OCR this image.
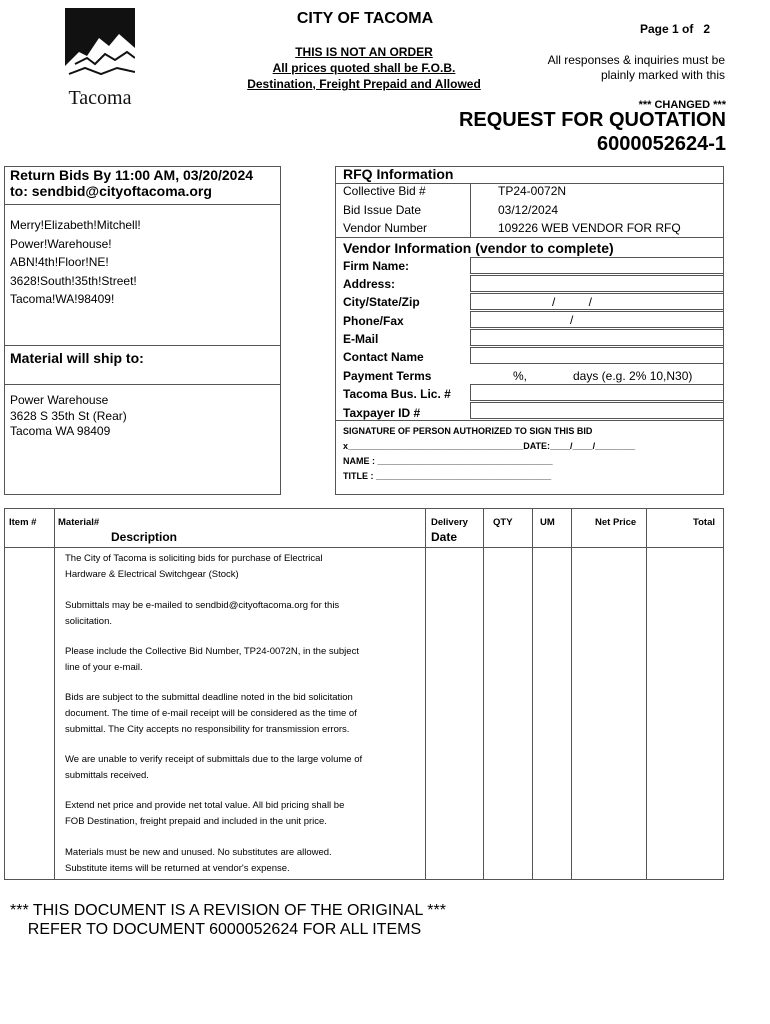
Tacoma
CITY OF TACOMA
THIS IS NOT AN ORDER
All prices quoted shall be F.O.B.
Destination, Freight Prepaid and Allowed
Page 1 of   2
All responses & inquiries must be
plainly marked with this
*** CHANGED ***
REQUEST FOR QUOTATION
6000052624-1
Return Bids By 11:00 AM, 03/20/2024
to: sendbid@cityoftacoma.org
Merry!Elizabeth!Mitchell!
Power!Warehouse!
ABN!4th!Floor!NE!
3628!South!35th!Street!
Tacoma!WA!98409!
Material will ship to:
Power Warehouse
3628 S 35th St (Rear)
Tacoma WA 98409
RFQ Information
Collective Bid #	TP24-0072N
Bid Issue Date	03/12/2024
Vendor Number	109226 WEB VENDOR FOR RFQ
Vendor Information (vendor to complete)
Firm Name:
Address:
City/State/Zip	/          /
Phone/Fax	/
E-Mail
Contact Name
Payment Terms	%,	days (e.g. 2% 10,N30)
Tacoma Bus. Lic. #
Taxpayer ID #
SIGNATURE OF PERSON AUTHORIZED TO SIGN THIS BID
x___________________________________DATE:____/____/________
NAME : ___________________________________
TITLE : ___________________________________
Item # Material#
Description
Delivery
Date
QTY	UM	Net Price	Total
The City of Tacoma is soliciting bids for purchase of Electrical
Hardware & Electrical Switchgear (Stock)
Submittals may be e-mailed to sendbid@cityoftacoma.org for this
solicitation.
Please include the Collective Bid Number, TP24-0072N, in the subject
line of your e-mail.
Bids are subject to the submittal deadline noted in the bid solicitation
document. The time of e-mail receipt will be considered as the time of
submittal. The City accepts no responsibility for transmission errors.
We are unable to verify receipt of submittals due to the large volume of
submittals received.
Extend net price and provide net total value. All bid pricing shall be
FOB Destination, freight prepaid and included in the unit price.
Materials must be new and unused. No substitutes are allowed.
Substitute items will be returned at vendor's expense.
*** THIS DOCUMENT IS A REVISION OF THE ORIGINAL ***
REFER TO DOCUMENT 6000052624 FOR ALL ITEMS
